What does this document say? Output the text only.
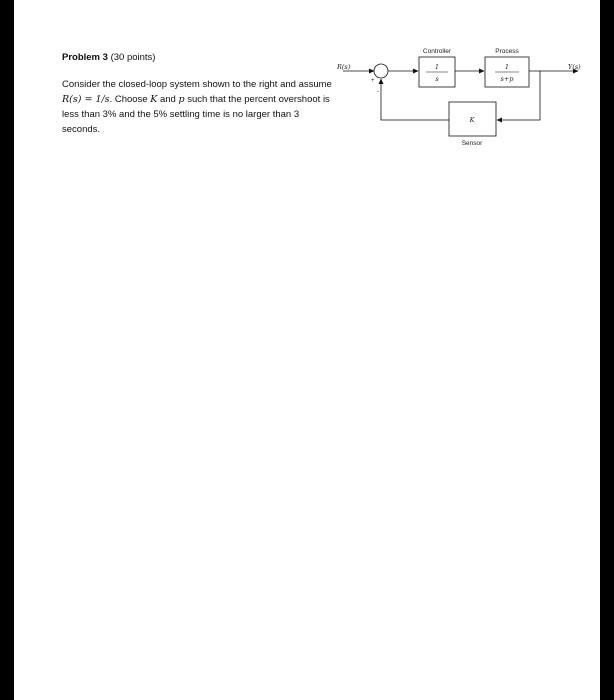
Problem 3 (30 points)

Consider the closed-loop system shown to the right and assume R(s) = 1/s. Choose K and p such that the percent overshoot is less than 3% and the 5% settling time is no larger than 3 seconds.

R(s)
+
-
Controller
1
s
Process
1
s+p
Y(s)
K
Sensor
